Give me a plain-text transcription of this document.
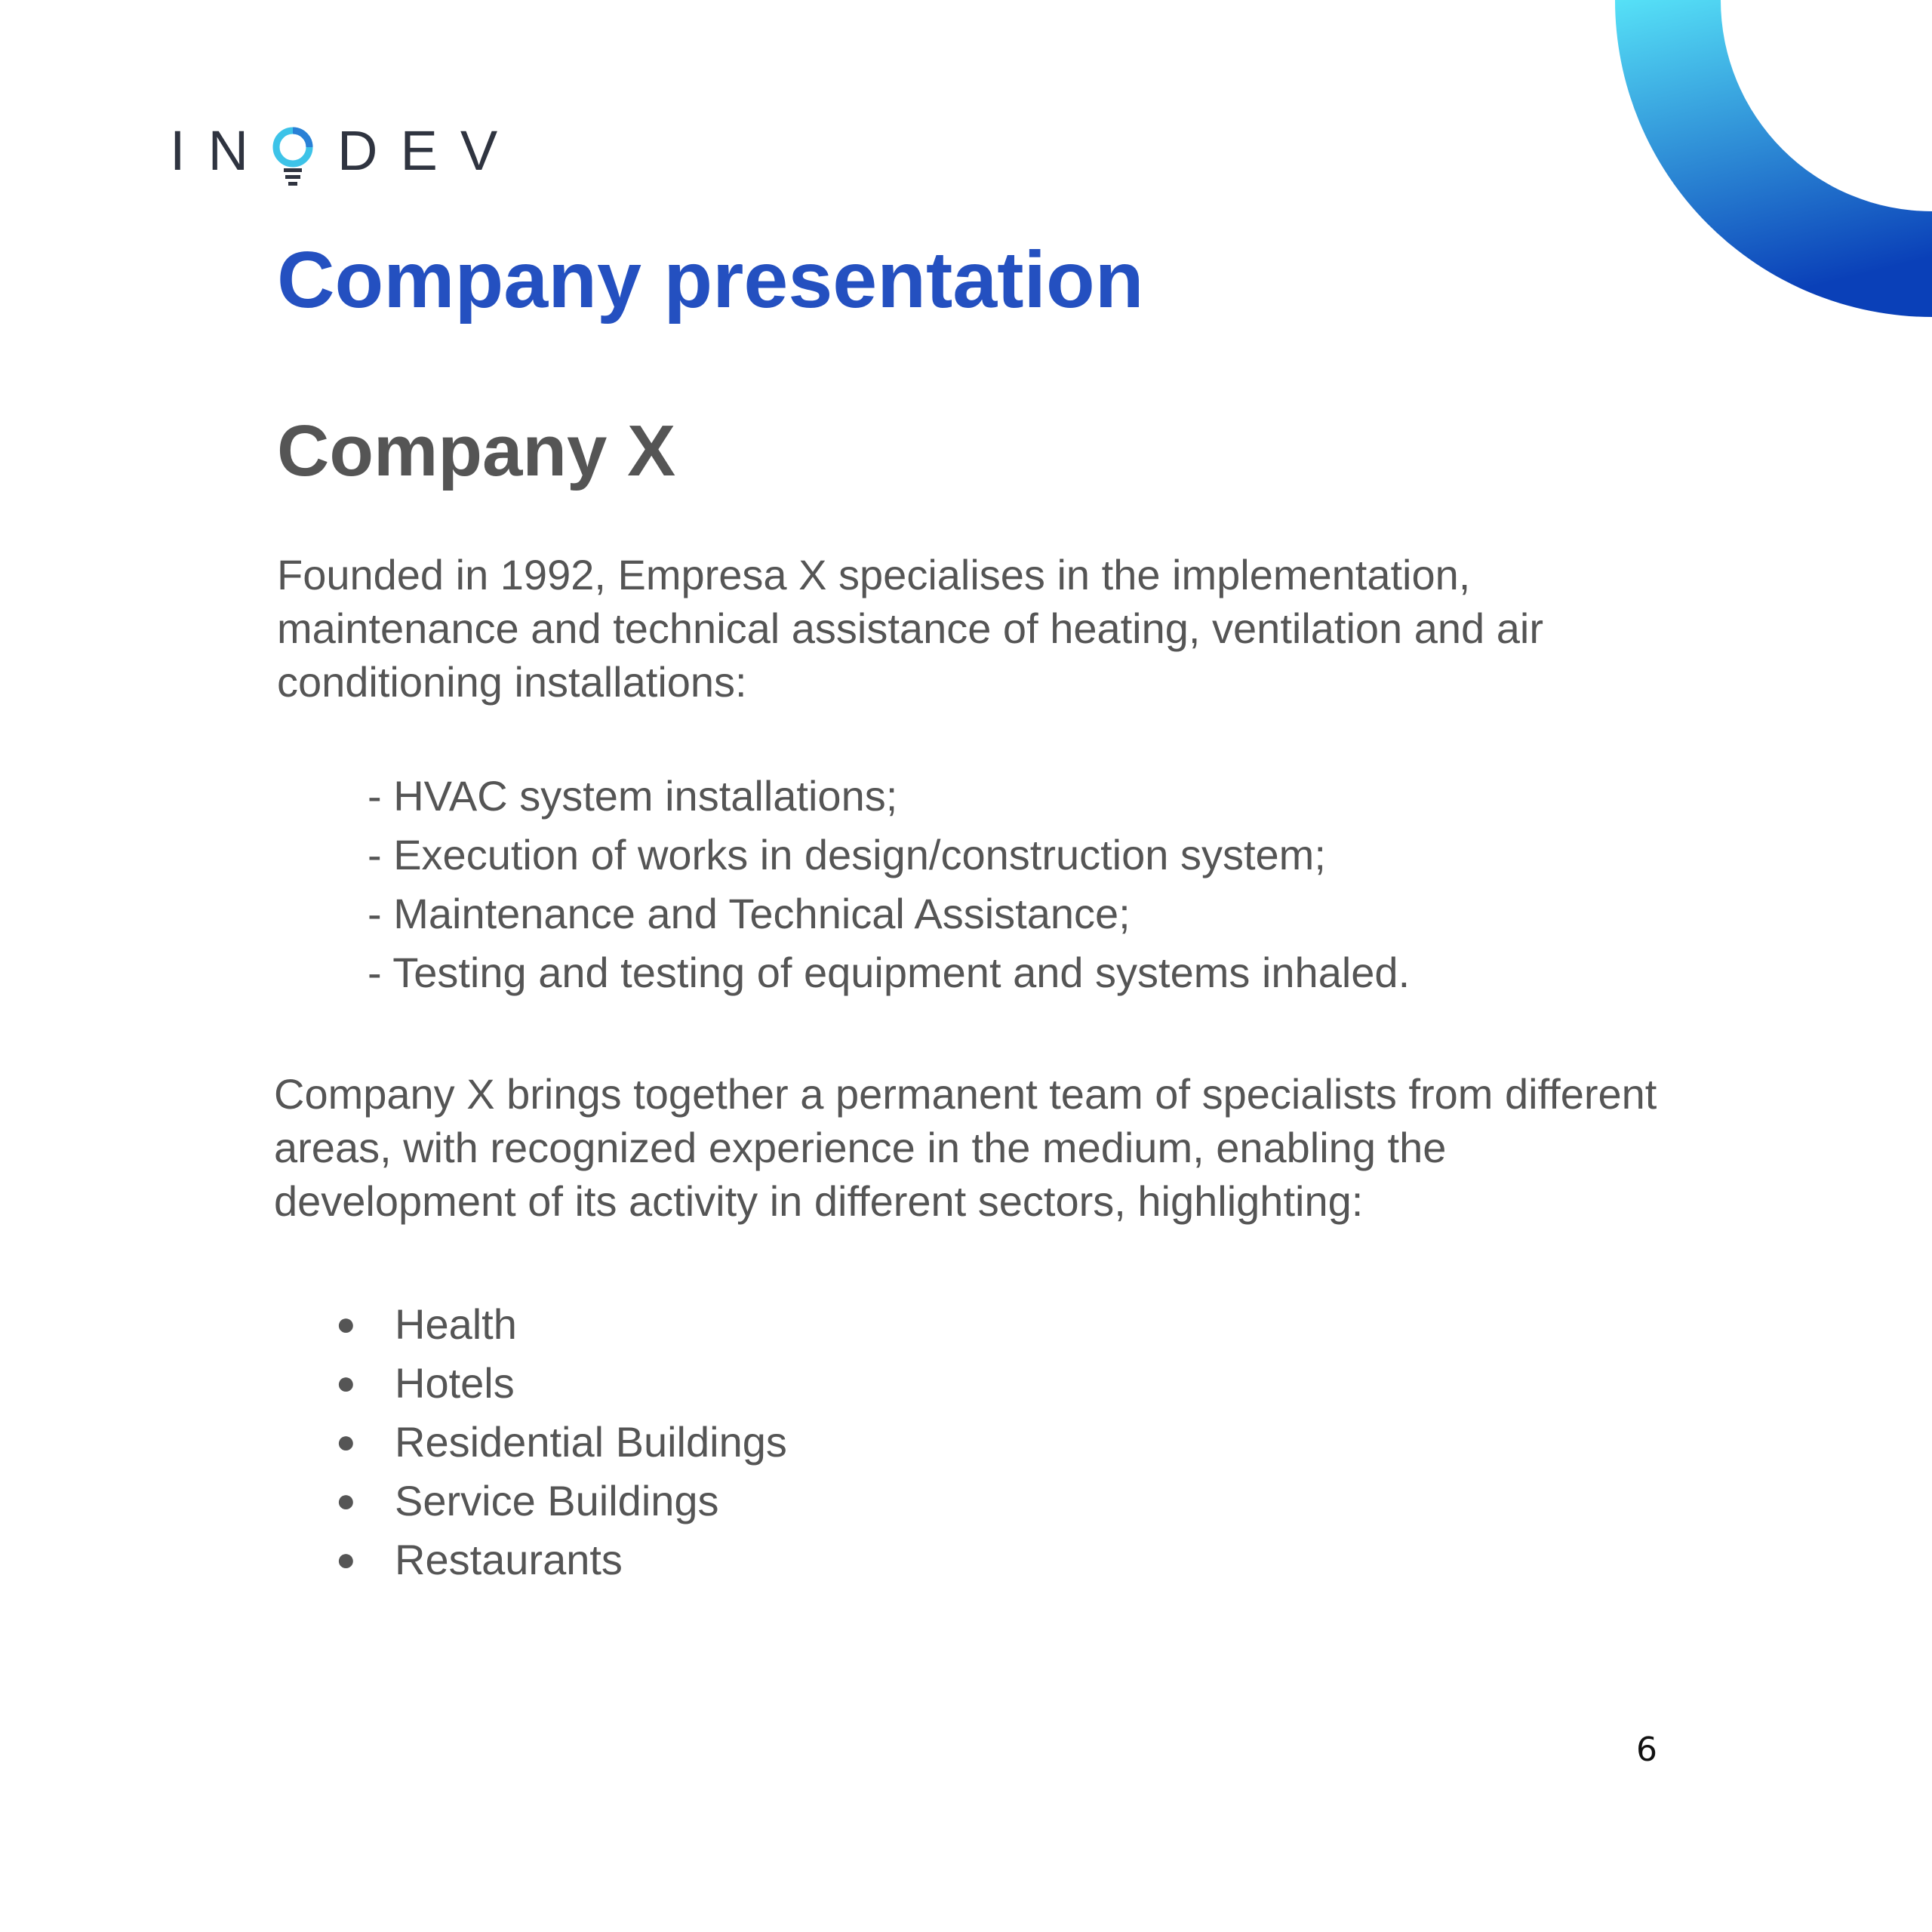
I N D E V
Company presentation
Company X

Founded in 1992, Empresa X specialises in the implementation,
maintenance and technical assistance of heating, ventilation and air
conditioning installations:

- HVAC system installations;
- Execution of works in design/construction system;
- Maintenance and Technical Assistance;
- Testing and testing of equipment and systems inhaled.

Company X brings together a permanent team of specialists from different
areas, with recognized experience in the medium, enabling the
development of its activity in different sectors, highlighting:

● Health
● Hotels
● Residential Buildings
● Service Buildings
● Restaurants
6
